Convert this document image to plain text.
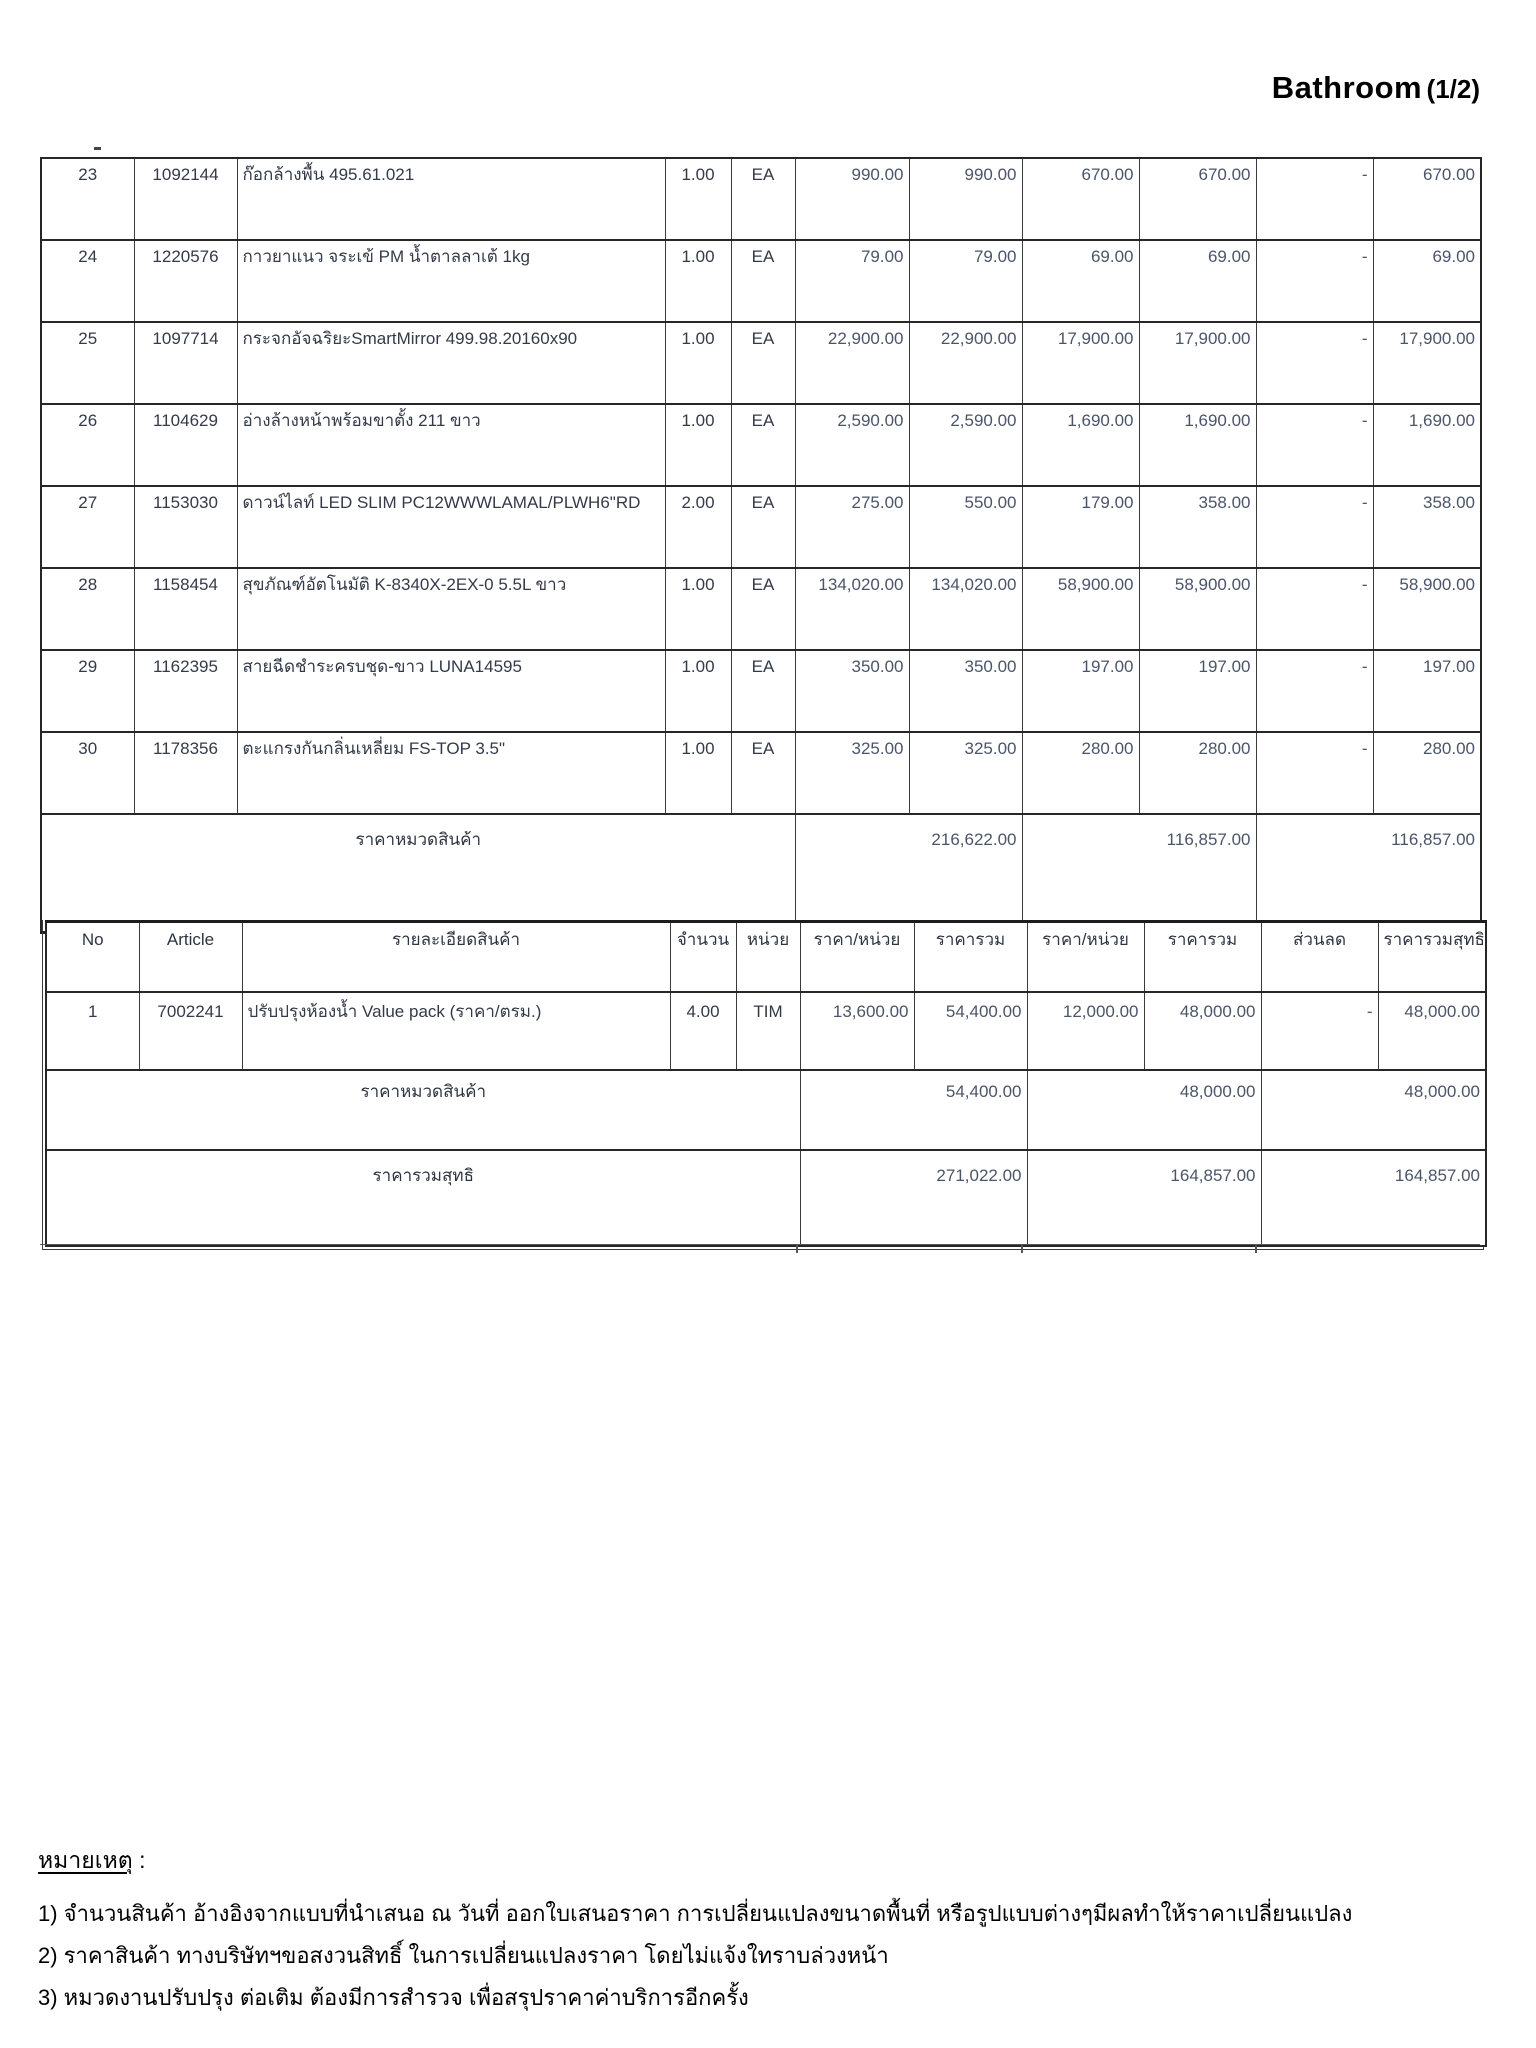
Bathroom (1/2)
23	1092144	ก๊อกล้างพื้น 495.61.021	1.00	EA	990.00	990.00	670.00	670.00	-	670.00
24	1220576	กาวยาแนว จระเข้ PM น้ำตาลลาเต้ 1kg	1.00	EA	79.00	79.00	69.00	69.00	-	69.00
25	1097714	กระจกอัจฉริยะSmartMirror 499.98.20160x90	1.00	EA	22,900.00	22,900.00	17,900.00	17,900.00	-	17,900.00
26	1104629	อ่างล้างหน้าพร้อมขาตั้ง 211 ขาว	1.00	EA	2,590.00	2,590.00	1,690.00	1,690.00	-	1,690.00
27	1153030	ดาวน์ไลท์ LED SLIM PC12WWWLAMAL/PLWH6"RD	2.00	EA	275.00	550.00	179.00	358.00	-	358.00
28	1158454	สุขภัณฑ์อัตโนมัติ K-8340X-2EX-0 5.5L ขาว	1.00	EA	134,020.00	134,020.00	58,900.00	58,900.00	-	58,900.00
29	1162395	สายฉีดชำระครบชุด-ขาว LUNA14595	1.00	EA	350.00	350.00	197.00	197.00	-	197.00
30	1178356	ตะแกรงกันกลิ่นเหลี่ยม FS-TOP 3.5"	1.00	EA	325.00	325.00	280.00	280.00	-	280.00
ราคาหมวดสินค้า					216,622.00		116,857.00		116,857.00	
No	Article	รายละเอียดสินค้า	จำนวน	หน่วย	ราคา/หน่วย	ราคารวม	ราคา/หน่วย	ราคารวม	ส่วนลด	ราคารวมสุทธิ
1	7002241	ปรับปรุงห้องน้ำ Value pack (ราคา/ตรม.)	4.00	TIM	13,600.00	54,400.00	12,000.00	48,000.00	-	48,000.00
ราคาหมวดสินค้า					54,400.00		48,000.00		48,000.00	
ราคารวมสุทธิ					271,022.00		164,857.00		164,857.00	
หมายเหตุ :
1) จำนวนสินค้า อ้างอิงจากแบบที่นำเสนอ ณ วันที่ ออกใบเสนอราคา การเปลี่ยนแปลงขนาดพื้นที่ หรือรูปแบบต่างๆมีผลทำให้ราคาเปลี่ยนแปลง
2) ราคาสินค้า ทางบริษัทฯขอสงวนสิทธิ์ ในการเปลี่ยนแปลงราคา โดยไม่แจ้งใทราบล่วงหน้า
3) หมวดงานปรับปรุง ต่อเติม ต้องมีการสำรวจ เพื่อสรุปราคาค่าบริการอีกครั้ง
